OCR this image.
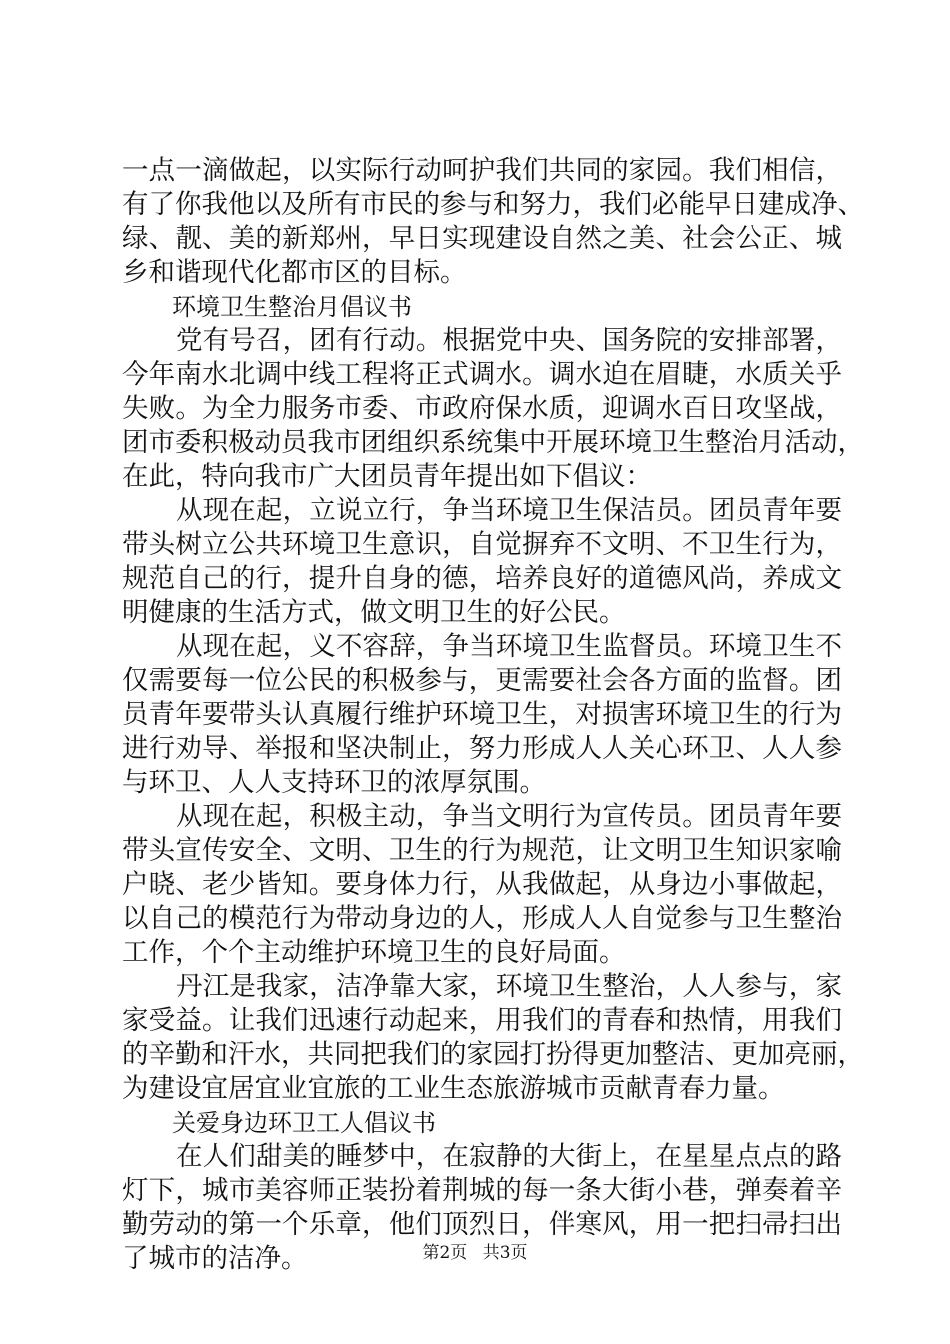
一点一滴做起，以实际行动呵护我们共同的家园。我们相信，
有了你我他以及所有市民的参与和努力，我们必能早日建成净、
绿、靓、美的新郑州，早日实现建设自然之美、社会公正、城
乡和谐现代化都市区的目标。
环境卫生整治月倡议书
党有号召，团有行动。根据党中央、国务院的安排部署，
今年南水北调中线工程将正式调水。调水迫在眉睫，水质关乎
失败。为全力服务市委、市政府保水质，迎调水百日攻坚战，
团市委积极动员我市团组织系统集中开展环境卫生整治月活动，
在此，特向我市广大团员青年提出如下倡议：
从现在起，立说立行，争当环境卫生保洁员。团员青年要
带头树立公共环境卫生意识，自觉摒弃不文明、不卫生行为，
规范自己的行，提升自身的德，培养良好的道德风尚，养成文
明健康的生活方式，做文明卫生的好公民。
从现在起，义不容辞，争当环境卫生监督员。环境卫生不
仅需要每一位公民的积极参与，更需要社会各方面的监督。团
员青年要带头认真履行维护环境卫生，对损害环境卫生的行为
进行劝导、举报和坚决制止，努力形成人人关心环卫、人人参
与环卫、人人支持环卫的浓厚氛围。
从现在起，积极主动，争当文明行为宣传员。团员青年要
带头宣传安全、文明、卫生的行为规范，让文明卫生知识家喻
户晓、老少皆知。要身体力行，从我做起，从身边小事做起，
以自己的模范行为带动身边的人，形成人人自觉参与卫生整治
工作，个个主动维护环境卫生的良好局面。
丹江是我家，洁净靠大家，环境卫生整治，人人参与，家
家受益。让我们迅速行动起来，用我们的青春和热情，用我们
的辛勤和汗水，共同把我们的家园打扮得更加整洁、更加亮丽，
为建设宜居宜业宜旅的工业生态旅游城市贡献青春力量。
关爱身边环卫工人倡议书
在人们甜美的睡梦中，在寂静的大街上，在星星点点的路
灯下，城市美容师正装扮着荆城的每一条大街小巷，弹奏着辛
勤劳动的第一个乐章，他们顶烈日，伴寒风，用一把扫帚扫出
了城市的洁净。	第2页 共3页
